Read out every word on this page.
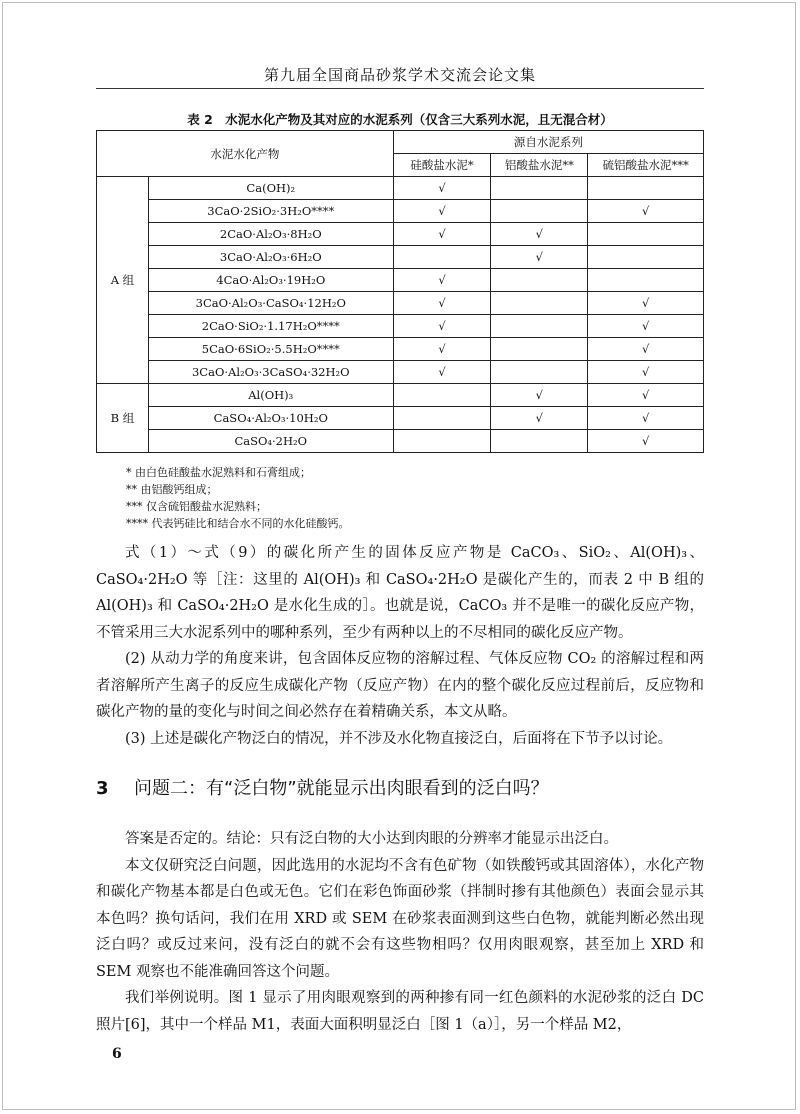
第九届全国商品砂浆学术交流会论文集
表 2　水泥水化产物及其对应的水泥系列（仅含三大系列水泥，且无混合材）
水泥水化产物		源自水泥系列		
		硅酸盐水泥*	铝酸盐水泥**	硫铝酸盐水泥***
A 组	Ca(OH)₂	√		
	3CaO·2SiO₂·3H₂O****	√		√
	2CaO·Al₂O₃·8H₂O	√	√	
	3CaO·Al₂O₃·6H₂O		√	
	4CaO·Al₂O₃·19H₂O	√		
	3CaO·Al₂O₃·CaSO₄·12H₂O	√		√
	2CaO·SiO₂·1.17H₂O****	√		√
	5CaO·6SiO₂·5.5H₂O****	√		√
	3CaO·Al₂O₃·3CaSO₄·32H₂O	√		√
B 组	Al(OH)₃		√	√
	CaSO₄·Al₂O₃·10H₂O		√	√
	CaSO₄·2H₂O			√
* 由白色硅酸盐水泥熟料和石膏组成；
** 由铝酸钙组成；
*** 仅含硫铝酸盐水泥熟料；
**** 代表钙硅比和结合水不同的水化硅酸钙。

式（1）～式（9）的碳化所产生的固体反应产物是 CaCO₃、SiO₂、Al(OH)₃、CaSO₄·2H₂O 等［注：这里的 Al(OH)₃ 和 CaSO₄·2H₂O 是碳化产生的，而表 2 中 B 组的 Al(OH)₃ 和 CaSO₄·2H₂O 是水化生成的］。也就是说，CaCO₃ 并不是唯一的碳化反应产物，不管采用三大水泥系列中的哪种系列，至少有两种以上的不尽相同的碳化反应产物。

(2) 从动力学的角度来讲，包含固体反应物的溶解过程、气体反应物 CO₂ 的溶解过程和两者溶解所产生离子的反应生成碳化产物（反应产物）在内的整个碳化反应过程前后，反应物和碳化产物的量的变化与时间之间必然存在着精确关系，本文从略。

(3) 上述是碳化产物泛白的情况，并不涉及水化物直接泛白，后面将在下节予以讨论。

3 问题二：有“泛白物”就能显示出肉眼看到的泛白吗？

答案是否定的。结论：只有泛白物的大小达到肉眼的分辨率才能显示出泛白。

本文仅研究泛白问题，因此选用的水泥均不含有色矿物（如铁酸钙或其固溶体），水化产物和碳化产物基本都是白色或无色。它们在彩色饰面砂浆（拌制时掺有其他颜色）表面会显示其本色吗？换句话问，我们在用 XRD 或 SEM 在砂浆表面测到这些白色物，就能判断必然出现泛白吗？或反过来问，没有泛白的就不会有这些物相吗？仅用肉眼观察，甚至加上 XRD 和 SEM 观察也不能准确回答这个问题。

我们举例说明。图 1 显示了用肉眼观察到的两种掺有同一红色颜料的水泥砂浆的泛白 DC 照片[6]，其中一个样品 M1，表面大面积明显泛白［图 1（a）］，另一个样品 M2，

6
